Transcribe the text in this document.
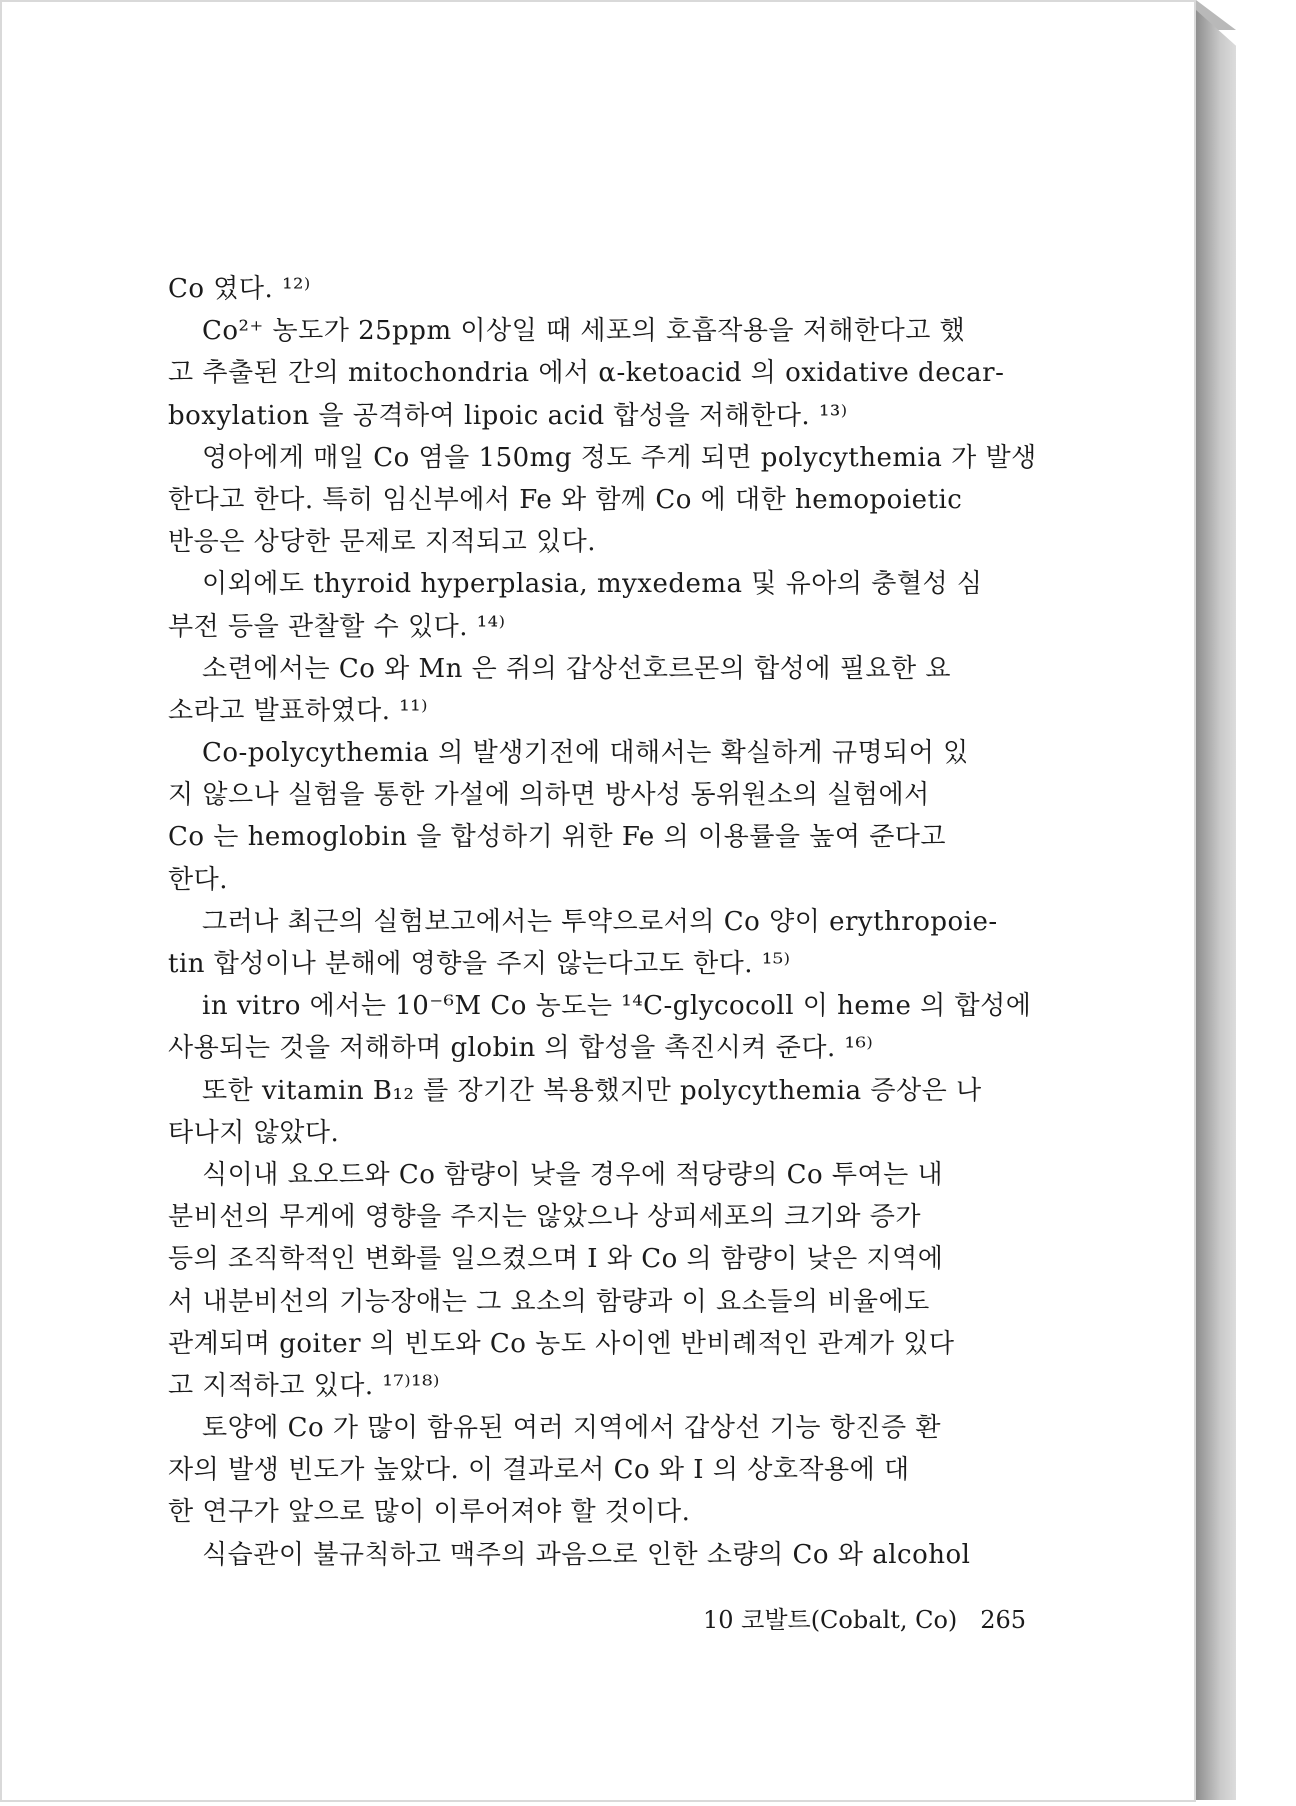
Co 였다. ¹²⁾
Co²⁺ 농도가 25ppm 이상일 때 세포의 호흡작용을 저해한다고 했
고 추출된 간의 mitochondria 에서 α-ketoacid 의 oxidative decar-
boxylation 을 공격하여 lipoic acid 합성을 저해한다. ¹³⁾
영아에게 매일 Co 염을 150mg 정도 주게 되면 polycythemia 가 발생
한다고 한다. 특히 임신부에서 Fe 와 함께 Co 에 대한 hemopoietic
반응은 상당한 문제로 지적되고 있다.
이외에도 thyroid hyperplasia, myxedema 및 유아의 충혈성 심
부전 등을 관찰할 수 있다. ¹⁴⁾
소련에서는 Co 와 Mn 은 쥐의 갑상선호르몬의 합성에 필요한 요
소라고 발표하였다. ¹¹⁾
Co-polycythemia 의 발생기전에 대해서는 확실하게 규명되어 있
지 않으나 실험을 통한 가설에 의하면 방사성 동위원소의 실험에서
Co 는 hemoglobin 을 합성하기 위한 Fe 의 이용률을 높여 준다고
한다.
그러나 최근의 실험보고에서는 투약으로서의 Co 양이 erythropoie-
tin 합성이나 분해에 영향을 주지 않는다고도 한다. ¹⁵⁾
in vitro 에서는 10⁻⁶M Co 농도는 ¹⁴C-glycocoll 이 heme 의 합성에
사용되는 것을 저해하며 globin 의 합성을 촉진시켜 준다. ¹⁶⁾
또한 vitamin B₁₂ 를 장기간 복용했지만 polycythemia 증상은 나
타나지 않았다.
식이내 요오드와 Co 함량이 낮을 경우에 적당량의 Co 투여는 내
분비선의 무게에 영향을 주지는 않았으나 상피세포의 크기와 증가
등의 조직학적인 변화를 일으켰으며 I 와 Co 의 함량이 낮은 지역에
서 내분비선의 기능장애는 그 요소의 함량과 이 요소들의 비율에도
관계되며 goiter 의 빈도와 Co 농도 사이엔 반비례적인 관계가 있다
고 지적하고 있다. ¹⁷⁾¹⁸⁾
토양에 Co 가 많이 함유된 여러 지역에서 갑상선 기능 항진증 환
자의 발생 빈도가 높았다. 이 결과로서 Co 와 I 의 상호작용에 대
한 연구가 앞으로 많이 이루어져야 할 것이다.
식습관이 불규칙하고 맥주의 과음으로 인한 소량의 Co 와 alcohol
10 코발트(Cobalt, Co) 265
